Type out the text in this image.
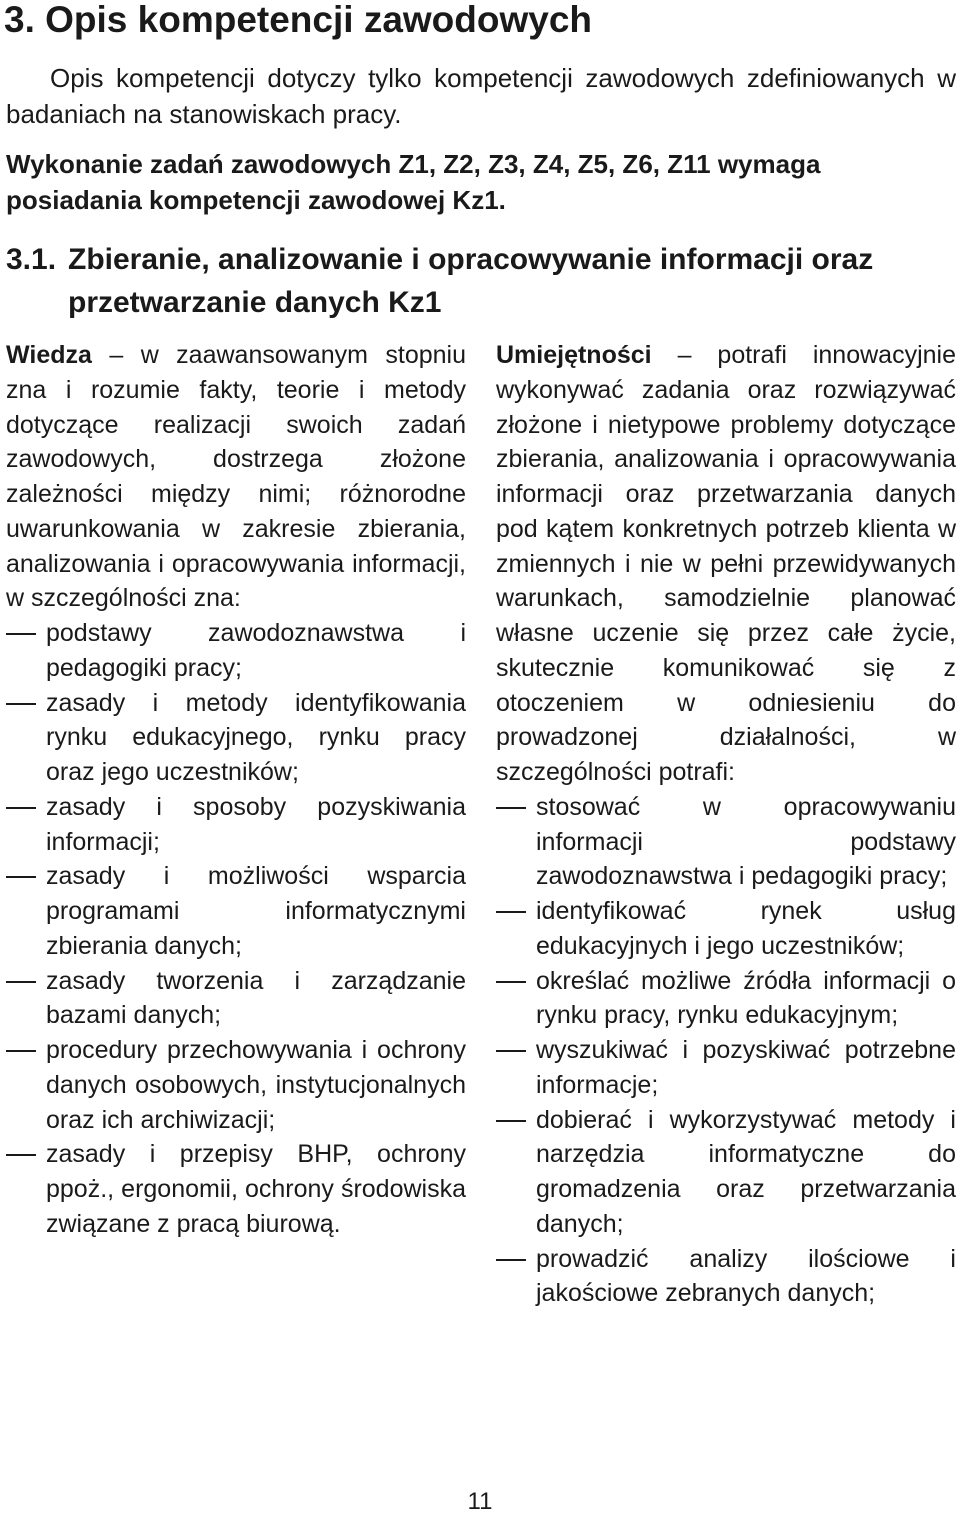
3. Opis kompetencji zawodowych

Opis kompetencji dotyczy tylko kompetencji zawodowych zdefiniowanych w badaniach na stanowiskach pracy.

Wykonanie zadań zawodowych Z1, Z2, Z3, Z4, Z5, Z6, Z11 wymaga posiadania kompetencji zawodowej Kz1.

3.1. Zbieranie, analizowanie i opracowywanie informacji oraz przetwarzanie danych Kz1

Wiedza – w zaawansowanym stopniu zna i rozumie fakty, teorie i metody dotyczące realizacji swoich zadań zawodowych, dostrzega złożone zależności między nimi; różnorodne uwarunkowania w zakresie zbierania, analizowania i opracowywania informacji, w szczególności zna:

podstawy zawodoznawstwa i pedagogiki pracy;
zasady i metody identyfikowania rynku edukacyjnego, rynku pracy oraz jego uczestników;
zasady i sposoby pozyskiwania informacji;
zasady i możliwości wsparcia programami informatycznymi zbierania danych;
zasady tworzenia i zarządzanie bazami danych;
procedury przechowywania i ochrony danych osobowych, instytucjonalnych oraz ich archiwizacji;
zasady i przepisy BHP, ochrony ppoż., ergonomii, ochrony środowiska związane z pracą biurową.

Umiejętności – potrafi innowacyjnie wykonywać zadania oraz rozwiązywać złożone i nietypowe problemy dotyczące zbierania, analizowania i opracowywania informacji oraz przetwarzania danych pod kątem konkretnych potrzeb klienta w zmiennych i nie w pełni przewidywanych warunkach, samodzielnie planować własne uczenie się przez całe życie, skutecznie komunikować się z otoczeniem w odniesieniu do prowadzonej działalności, w szczególności potrafi:

stosować w opracowywaniu informacji podstawy zawodoznawstwa i pedagogiki pracy;
identyfikować rynek usług edukacyjnych i jego uczestników;
określać możliwe źródła informacji o rynku pracy, rynku edukacyjnym;
wyszukiwać i pozyskiwać potrzebne informacje;
dobierać i wykorzystywać metody i narzędzia informatyczne do gromadzenia oraz przetwarzania danych;
prowadzić analizy ilościowe i jakościowe zebranych danych;
11
